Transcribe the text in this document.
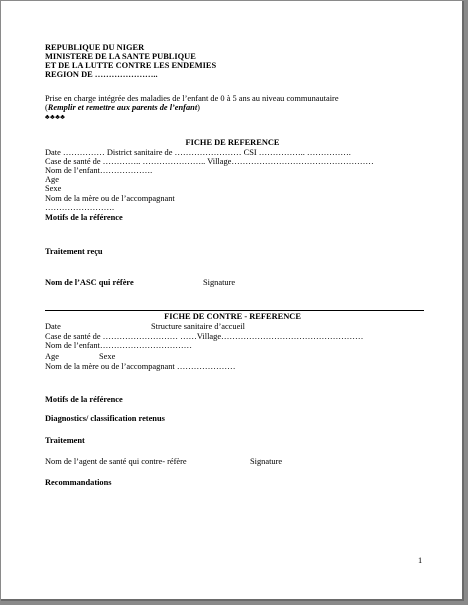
REPUBLIQUE DU NIGER
MINISTERE DE LA SANTE PUBLIQUE
ET DE LA LUTTE CONTRE LES ENDEMIES
REGION DE …………………..
Prise en charge intégrée des maladies de l’enfant de 0 à 5 ans au niveau communautaire
(Remplir et remettre aux parents de l’enfant)
♣♣♣♣
FICHE DE REFERENCE
Date …………… District sanitaire de …………………… CSI …………….. …………….
Case de santé de ………….. ………………….. Village……………………………………………
Nom de l’enfant……………….
Age
Sexe
Nom de la mère ou de l’accompagnant
…………………….
Motifs de la référence
Traitement reçu
Nom de l’ASC qui réfère	Signature
FICHE DE CONTRE - REFERENCE
Date	Structure sanitaire d’accueil
Case de santé de ……………………… ……Village……………………………………………
Nom de l’enfant……………………………
Age	Sexe
Nom de la mère ou de l’accompagnant …………………
Motifs de la référence
Diagnostics/ classification retenus
Traitement
Nom de l’agent de santé qui contre- réfère	Signature
Recommandations
1
